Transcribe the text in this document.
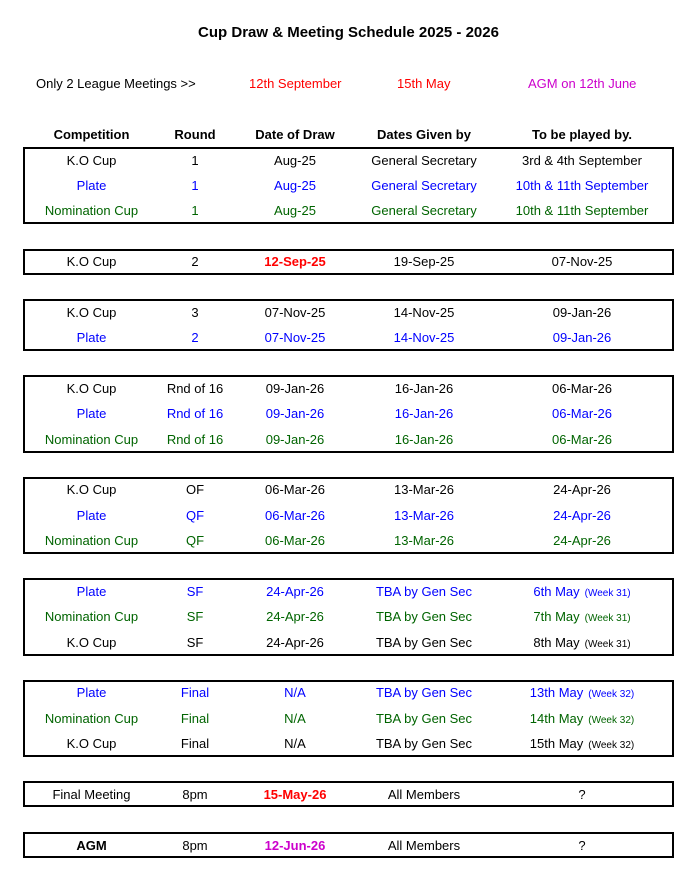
Cup Draw & Meeting Schedule 2025 - 2026
Only 2 League Meetings >>	12th September	15th May	AGM on 12th June
Competition	Round	Date of Draw	Dates Given by	To be played by.
K.O Cup	1	Aug-25	General Secretary	3rd & 4th September
Plate	1	Aug-25	General Secretary	10th & 11th September
Nomination Cup	1	Aug-25	General Secretary	10th & 11th September
K.O Cup	2	12-Sep-25	19-Sep-25	07-Nov-25
K.O Cup	3	07-Nov-25	14-Nov-25	09-Jan-26
Plate	2	07-Nov-25	14-Nov-25	09-Jan-26
K.O Cup	Rnd of 16	09-Jan-26	16-Jan-26	06-Mar-26
Plate	Rnd of 16	09-Jan-26	16-Jan-26	06-Mar-26
Nomination Cup	Rnd of 16	09-Jan-26	16-Jan-26	06-Mar-26
K.O Cup	OF	06-Mar-26	13-Mar-26	24-Apr-26
Plate	QF	06-Mar-26	13-Mar-26	24-Apr-26
Nomination Cup	QF	06-Mar-26	13-Mar-26	24-Apr-26
Plate	SF	24-Apr-26	TBA by Gen Sec	6th May (Week 31)
Nomination Cup	SF	24-Apr-26	TBA by Gen Sec	7th May (Week 31)
K.O Cup	SF	24-Apr-26	TBA by Gen Sec	8th May (Week 31)
Plate	Final	N/A	TBA by Gen Sec	13th May (Week 32)
Nomination Cup	Final	N/A	TBA by Gen Sec	14th May (Week 32)
K.O Cup	Final	N/A	TBA by Gen Sec	15th May (Week 32)
Final Meeting	8pm	15-May-26	All Members	?
AGM	8pm	12-Jun-26	All Members	?
